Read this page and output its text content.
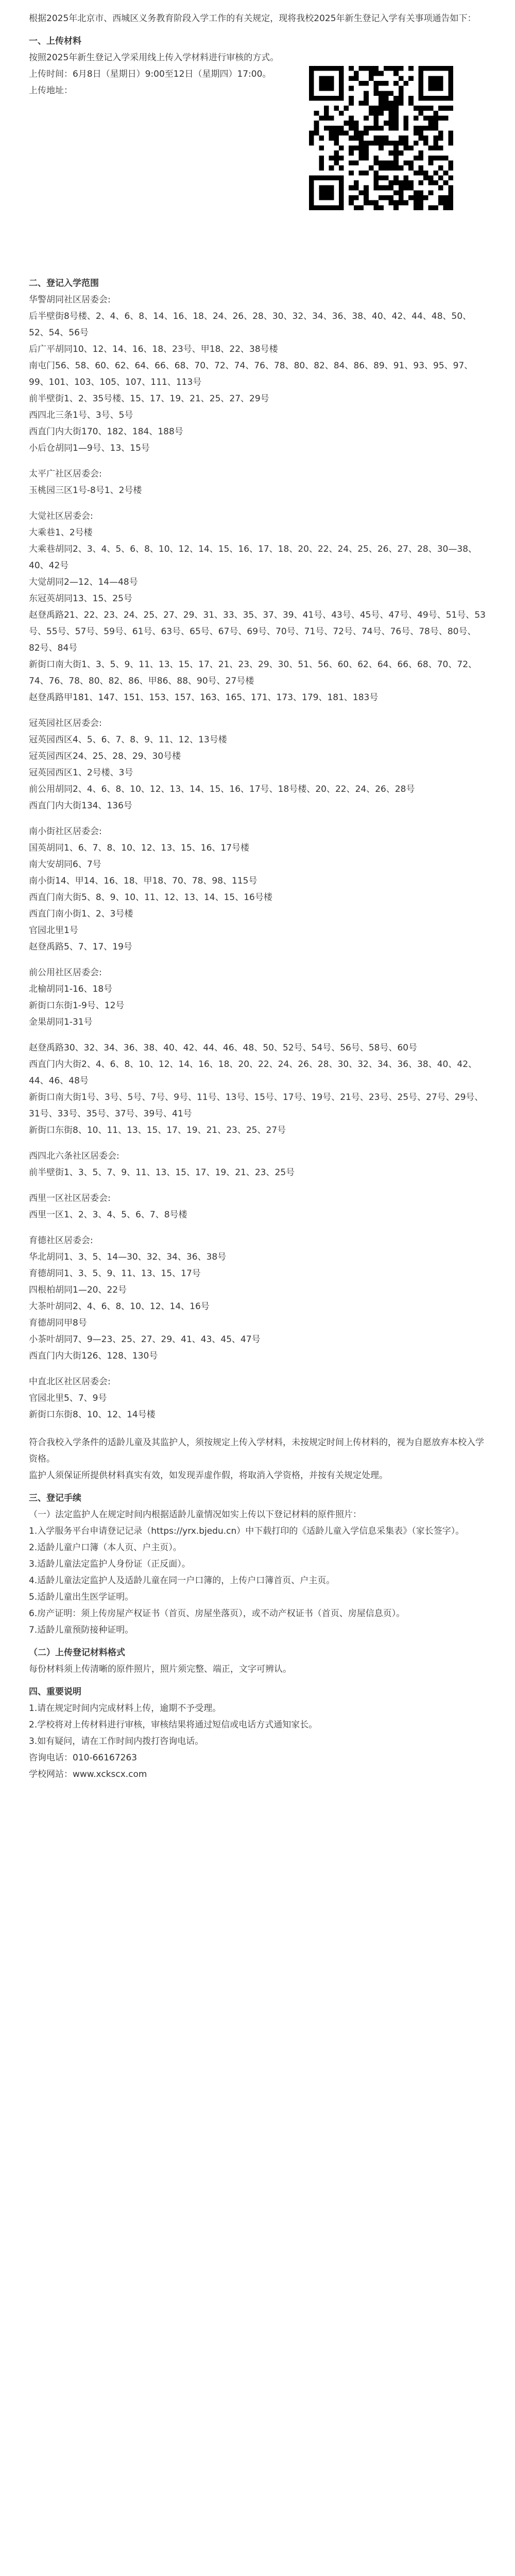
根据2025年北京市、西城区义务教育阶段入学工作的有关规定，现将我校2025年新生登记入学有关事项通告如下：

一、上传材料

按照2025年新生登记入学采用线上传入学材料进行审核的方式。

上传时间：6月8日（星期日）9:00至12日（星期四）17:00。

上传地址：

二、登记入学范围

华警胡同社区居委会:

后半壁街8号楼、2、4、6、8、14、16、18、24、26、28、30、32、34、36、38、40、42、44、48、50、52、54、56号

后广平胡同10、12、14、16、18、23号、甲18、22、38号楼

南屯门56、58、60、62、64、66、68、70、72、74、76、78、80、82、84、86、89、91、93、95、97、99、101、103、105、107、111、113号

前半壁街1、2、35号楼、15、17、19、21、25、27、29号

西四北三条1号、3号、5号

西直门内大街170、182、184、188号

小后仓胡同1—9号、13、15号

太平广社区居委会:

玉桃园三区1号-8号1、2号楼

大觉社区居委会:

大乘巷1、2号楼

大乘巷胡同2、3、4、5、6、8、10、12、14、15、16、17、18、20、22、24、25、26、27、28、30—38、40、42号

大觉胡同2—12、14—48号

东冠英胡同13、15、25号

赵登禹路21、22、23、24、25、27、29、31、33、35、37、39、41号、43号、45号、47号、49号、51号、53号、55号、57号、59号、61号、63号、65号、67号、69号、70号、71号、72号、74号、76号、78号、80号、82号、84号

新街口南大街1、3、5、9、11、13、15、17、21、23、29、30、51、56、60、62、64、66、68、70、72、74、76、78、80、82、86、甲86、88、90号、27号楼

赵登禹路甲181、147、151、153、157、163、165、171、173、179、181、183号

冠英园社区居委会:

冠英园西区4、5、6、7、8、9、11、12、13号楼

冠英园西区24、25、28、29、30号楼

冠英园西区1、2号楼、3号

前公用胡同2、4、6、8、10、12、13、14、15、16、17号、18号楼、20、22、24、26、28号

西直门内大街134、136号

南小街社区居委会:

国英胡同1、6、7、8、10、12、13、15、16、17号楼

南大安胡同6、7号

南小街14、甲14、16、18、甲18、70、78、98、115号

西直门南大街5、8、9、10、11、12、13、14、15、16号楼

西直门南小街1、2、3号楼

官园北里1号

赵登禹路5、7、17、19号

前公用社区居委会:

北榆胡同1-16、18号

新街口东街1-9号、12号

金果胡同1-31号

赵登禹路30、32、34、36、38、40、42、44、46、48、50、52号、54号、56号、58号、60号

西直门内大街2、4、6、8、10、12、14、16、18、20、22、24、26、28、30、32、34、36、38、40、42、44、46、48号

新街口南大街1号、3号、5号、7号、9号、11号、13号、15号、17号、19号、21号、23号、25号、27号、29号、31号、33号、35号、37号、39号、41号

新街口东街8、10、11、13、15、17、19、21、23、25、27号

西四北六条社区居委会:

前半壁街1、3、5、7、9、11、13、15、17、19、21、23、25号

西里一区社区居委会:

西里一区1、2、3、4、5、6、7、8号楼

育德社区居委会:

华北胡同1、3、5、14—30、32、34、36、38号

育德胡同1、3、5、9、11、13、15、17号

四根柏胡同1—20、22号

大茶叶胡同2、4、6、8、10、12、14、16号

育德胡同甲8号

小茶叶胡同7、9—23、25、27、29、41、43、45、47号

西直门内大街126、128、130号

中直北区社区居委会:

官园北里5、7、9号

新街口东街8、10、12、14号楼

符合我校入学条件的适龄儿童及其监护人，须按规定上传入学材料，未按规定时间上传材料的，视为自愿放弃本校入学资格。

监护人须保证所提供材料真实有效，如发现弄虚作假，将取消入学资格，并按有关规定处理。

三、登记手续

（一）法定监护人在规定时间内根据适龄儿童情况如实上传以下登记材料的原件照片：

1.入学服务平台申请登记记录（https://yrx.bjedu.cn）中下载打印的《适龄儿童入学信息采集表》（家长签字）。

2.适龄儿童户口簿（本人页、户主页）。

3.适龄儿童法定监护人身份证（正反面）。

4.适龄儿童法定监护人及适龄儿童在同一户口簿的，上传户口簿首页、户主页。

5.适龄儿童出生医学证明。

6.房产证明：须上传房屋产权证书（首页、房屋坐落页），或不动产权证书（首页、房屋信息页）。

7.适龄儿童预防接种证明。

（二）上传登记材料格式

每份材料须上传清晰的原件照片，照片须完整、端正，文字可辨认。

四、重要说明

1.请在规定时间内完成材料上传，逾期不予受理。

2.学校将对上传材料进行审核，审核结果将通过短信或电话方式通知家长。

3.如有疑问，请在工作时间内拨打咨询电话。

咨询电话：010-66167263

学校网站：www.xckscx.com
